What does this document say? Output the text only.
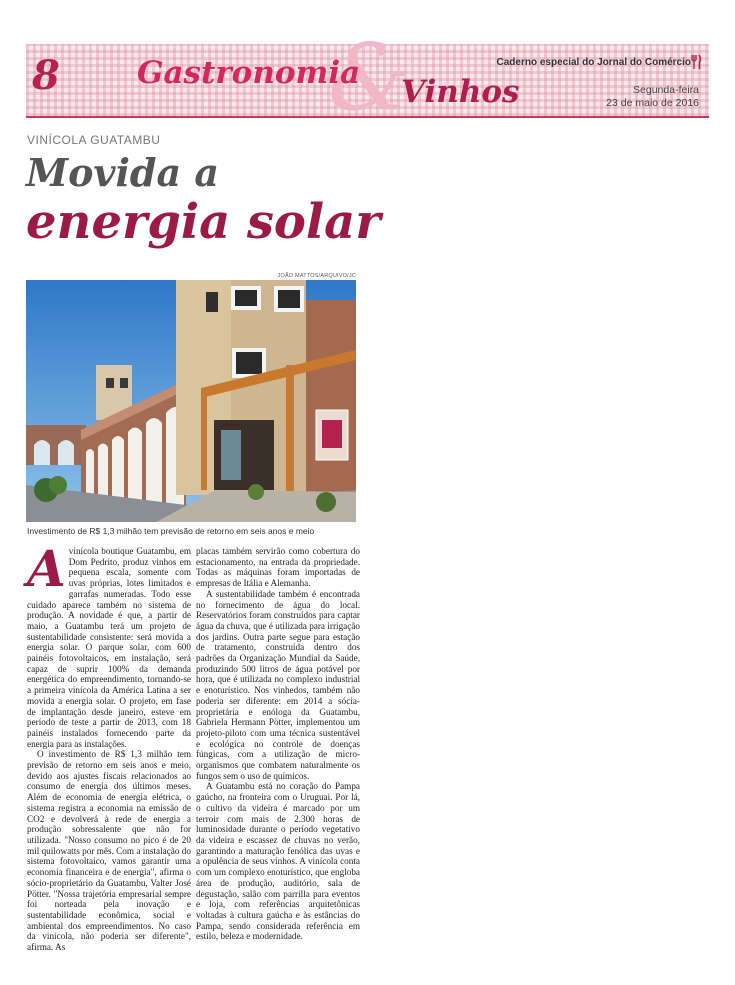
8	&
Gastronomia
Vinhos
Caderno especial do Jornal do Comércio
Segunda-feira
23 de maio de 2016
VINÍCOLA GUATAMBU
Movida a
energia solar
JOÃO MATTOS/ARQUIVO/JC
Investimento de R$ 1,3 milhão tem previsão de retorno em seis anos e meio
A vinícola boutique Guatambu, em Dom Pedrito, produz vinhos em pequena escala, somente com uvas próprias, lotes limitados e garrafas numeradas. Todo esse cuidado aparece também no sistema de produção. A novidade é que, a partir de maio, a Guatambu terá um projeto de sustentabilidade consistente: será movida a energia solar. O parque solar, com 600 painéis fotovoltaicos, em instalação, será capaz de suprir 100% da demanda energética do empreendimento, tornando-se a primeira vinícola da América Latina a ser movida a energia solar. O projeto, em fase de implantação desde janeiro, esteve em período de teste a partir de 2013, com 18 painéis instalados fornecendo parte da energia para as instalações.

O investimento de R$ 1,3 milhão tem previsão de retorno em seis anos e meio, devido aos ajustes fiscais relacionados ao consumo de energia dos últimos meses. Além de economia de energia elétrica, o sistema registra a economia na emissão de CO2 e devolverá à rede de energia a produção sobressalente que não for utilizada. "Nosso consumo no pico é de 20 mil quilowatts por mês. Com a instalação do sistema fotovoltaico, vamos garantir uma economia financeira e de energia", afirma o sócio-proprietário da Guatambu, Valter José Pötter. "Nossa trajetória empresarial sempre foi norteada pela inovação e sustentabilidade econômica, social e ambiental dos empreendimentos. No caso da vinícola, não poderia ser diferente", afirma. As

placas também servirão como cobertura do estacionamento, na entrada da propriedade. Todas as máquinas foram importadas de empresas de Itália e Alemanha.

A sustentabilidade também é encontrada no fornecimento de água do local. Reservatórios foram construídos para captar água da chuva, que é utilizada para irrigação dos jardins. Outra parte segue para estação de tratamento, construída dentro dos padrões da Organização Mundial da Saúde, produzindo 500 litros de água potável por hora, que é utilizada no complexo industrial e enoturístico. Nos vinhedos, também não poderia ser diferente: em 2014 a sócia-proprietária e enóloga da Guatambu, Gabriela Hermann Pötter, implementou um projeto-piloto com uma técnica sustentável e ecológica no controle de doenças fúngicas, com a utilização de micro-organismos que combatem naturalmente os fungos sem o uso de químicos.

A Guatambu está no coração do Pampa gaúcho, na fronteira com o Uruguai. Por lá, o cultivo da videira é marcado por um terroir com mais de 2.300 horas de luminosidade durante o período vegetativo da videira e escassez de chuvas no verão, garantindo a maturação fenólica das uvas e a opulência de seus vinhos. A vinícola conta com um complexo enoturístico, que engloba área de produção, auditório, sala de degustação, salão com parrilla para eventos e loja, com referências arquitetônicas voltadas à cultura gaúcha e às estâncias do Pampa, sendo considerada referência em estilo, beleza e modernidade.
